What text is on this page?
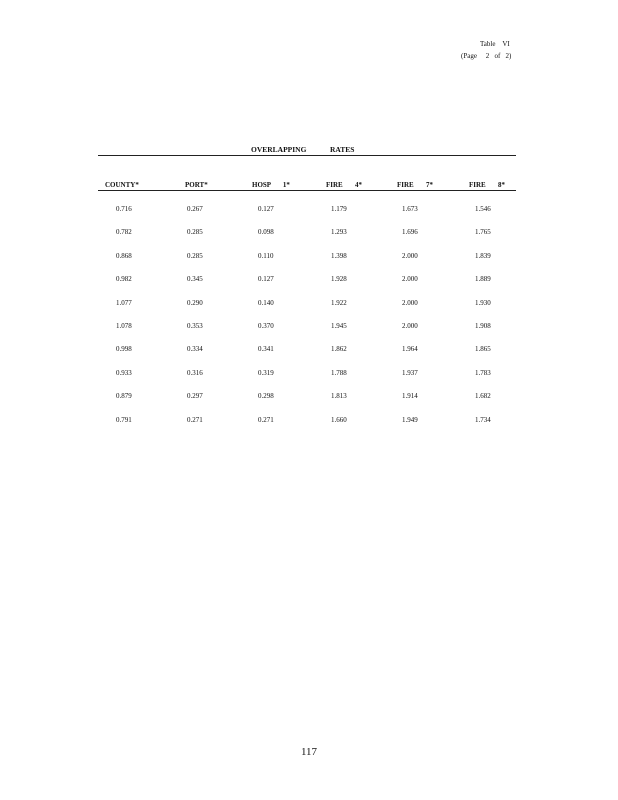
Table    VI
(Page     2   of   2)
OVERLAPPING	RATES
COUNTY*	PORT*	HOSP       1*	FIRE       4*	FIRE       7*	FIRE       8*
0.716	0.267	0.127	1.179	1.673	1.546
0.782	0.285	0.098	1.293	1.696	1.765
0.868	0.285	0.110	1.398	2.000	1.839
0.982	0.345	0.127	1.928	2.000	1.889
1.077	0.290	0.140	1.922	2.000	1.930
1.078	0.353	0.370	1.945	2.000	1.908
0.998	0.334	0.341	1.862	1.964	1.865
0.933	0.316	0.319	1.788	1.937	1.783
0.879	0.297	0.298	1.813	1.914	1.682
0.791	0.271	0.271	1.660	1.949	1.734
117
